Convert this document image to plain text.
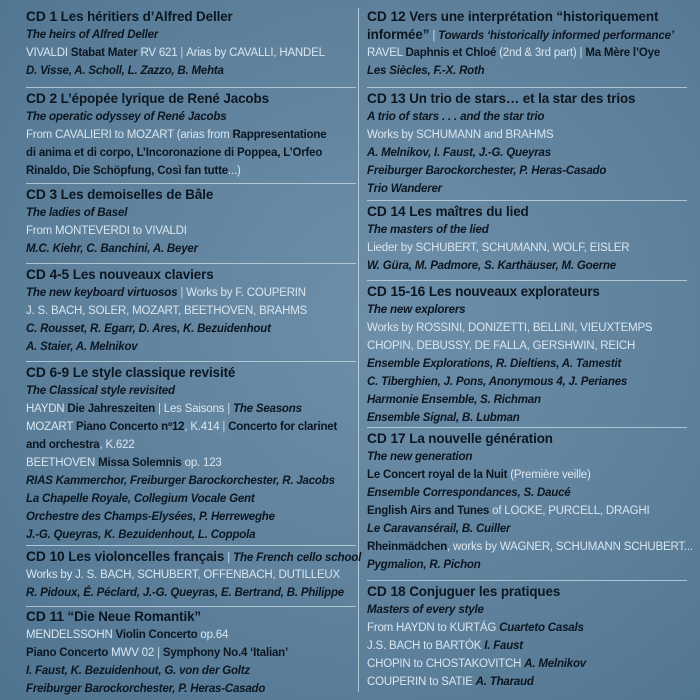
CD 1 Les héritiers d’Alfred Deller
The heirs of Alfred Deller
VIVALDI Stabat Mater RV 621 | Arias by CAVALLI, HANDEL
D. Visse, A. Scholl, L. Zazzo, B. Mehta
CD 2 L’épopée lyrique de René Jacobs
The operatic odyssey of René Jacobs
From CAVALIERI to MOZART (arias from Rappresentatione
di anima et di corpo, L’Incoronazione di Poppea, L’Orfeo
Rinaldo, Die Schöpfung, Così fan tutte...)
CD 3 Les demoiselles de Bâle
The ladies of Basel
From MONTEVERDI to VIVALDI
M.C. Kiehr, C. Banchini, A. Beyer
CD 4-5 Les nouveaux claviers
The new keyboard virtuosos | Works by F. COUPERIN
J. S. BACH, SOLER, MOZART, BEETHOVEN, BRAHMS
C. Rousset, R. Egarr, D. Ares, K. Bezuidenhout
A. Staier, A. Melnikov
CD 6-9 Le style classique revisité
The Classical style revisited
HAYDN Die Jahreszeiten | Les Saisons | The Seasons
MOZART Piano Concerto nº12, K.414 | Concerto for clarinet
and orchestra, K.622
BEETHOVEN Missa Solemnis op. 123
RIAS Kammerchor, Freiburger Barockorchester, R. Jacobs
La Chapelle Royale, Collegium Vocale Gent
Orchestre des Champs-Elysées, P. Herreweghe
J.-G. Queyras, K. Bezuidenhout, L. Coppola
CD 10 Les violoncelles français | The French cello school
Works by J. S. BACH, SCHUBERT, OFFENBACH, DUTILLEUX
R. Pidoux, É. Péclard, J.-G. Queyras, E. Bertrand, B. Philippe
CD 11 “Die Neue Romantik”
MENDELSSOHN Violin Concerto op.64
Piano Concerto MWV 02 | Symphony No.4 ‘Italian’
I. Faust, K. Bezuidenhout, G. von der Goltz
Freiburger Barockorchester, P. Heras-Casado
CD 12 Vers une interprétation “historiquement
informée” | Towards ‘historically informed performance’
RAVEL Daphnis et Chloé (2nd & 3rd part) | Ma Mère l’Oye
Les Siècles, F.-X. Roth
CD 13 Un trio de stars… et la star des trios
A trio of stars . . . and the star trio
Works by SCHUMANN and BRAHMS
A. Melnikov, I. Faust, J.-G. Queyras
Freiburger Barockorchester, P. Heras-Casado
Trio Wanderer
CD 14 Les maîtres du lied
The masters of the lied
Lieder by SCHUBERT, SCHUMANN, WOLF, EISLER
W. Güra, M. Padmore, S. Karthäuser, M. Goerne
CD 15-16 Les nouveaux explorateurs
The new explorers
Works by ROSSINI, DONIZETTI, BELLINI, VIEUXTEMPS
CHOPIN, DEBUSSY, DE FALLA, GERSHWIN, REICH
Ensemble Explorations, R. Dieltiens, A. Tamestit
C. Tiberghien, J. Pons, Anonymous 4, J. Perianes
Harmonie Ensemble, S. Richman
Ensemble Signal, B. Lubman
CD 17 La nouvelle génération
The new generation
Le Concert royal de la Nuit (Première veille)
Ensemble Correspondances, S. Daucé
English Airs and Tunes of LOCKE, PURCELL, DRAGHI
Le Caravansérail, B. Cuiller
Rheinmädchen, works by WAGNER, SCHUMANN SCHUBERT...
Pygmalion, R. Pichon
CD 18 Conjuguer les pratiques
Masters of every style
From HAYDN to KURTÁG Cuarteto Casals
J.S. BACH to BARTÓK I. Faust
CHOPIN to CHOSTAKOVITCH A. Melnikov
COUPERIN to SATIE A. Tharaud
